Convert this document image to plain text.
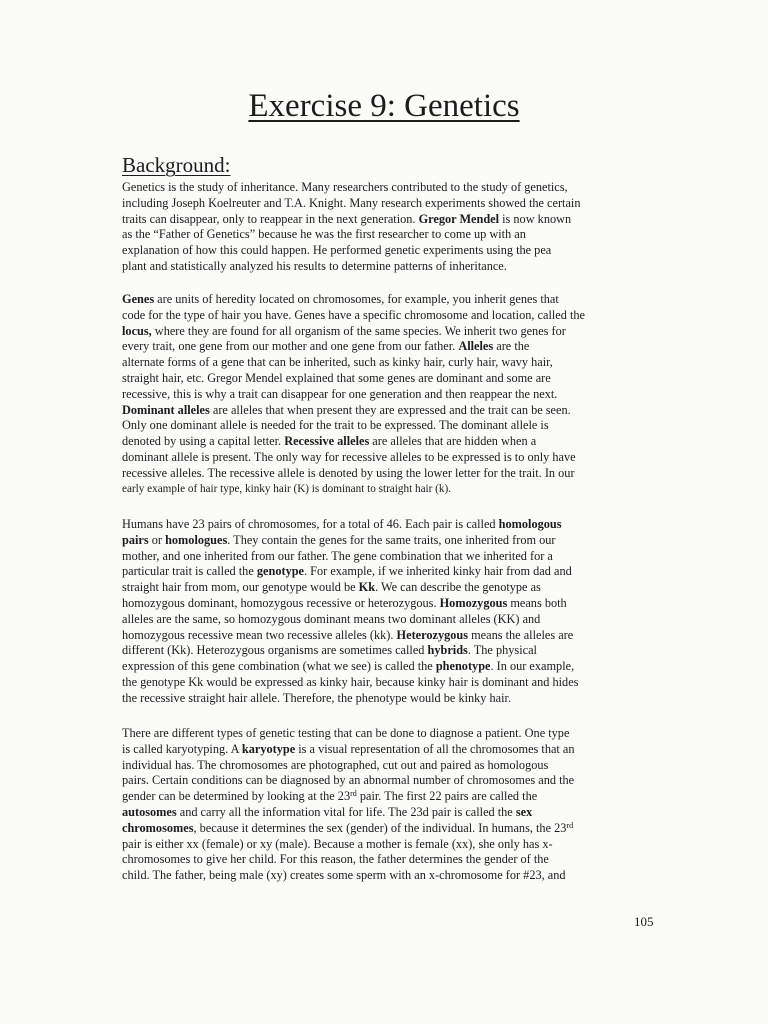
Exercise 9: Genetics
Background:
Genetics is the study of inheritance. Many researchers contributed to the study of genetics,
including Joseph Koelreuter and T.A. Knight. Many research experiments showed the certain
traits can disappear, only to reappear in the next generation. Gregor Mendel is now known
as the “Father of Genetics” because he was the first researcher to come up with an
explanation of how this could happen. He performed genetic experiments using the pea
plant and statistically analyzed his results to determine patterns of inheritance.
Genes are units of heredity located on chromosomes, for example, you inherit genes that
code for the type of hair you have. Genes have a specific chromosome and location, called the
locus, where they are found for all organism of the same species. We inherit two genes for
every trait, one gene from our mother and one gene from our father. Alleles are the
alternate forms of a gene that can be inherited, such as kinky hair, curly hair, wavy hair,
straight hair, etc. Gregor Mendel explained that some genes are dominant and some are
recessive, this is why a trait can disappear for one generation and then reappear the next.
Dominant alleles are alleles that when present they are expressed and the trait can be seen.
Only one dominant allele is needed for the trait to be expressed. The dominant allele is
denoted by using a capital letter. Recessive alleles are alleles that are hidden when a
dominant allele is present. The only way for recessive alleles to be expressed is to only have
recessive alleles. The recessive allele is denoted by using the lower letter for the trait. In our
early example of hair type, kinky hair (K) is dominant to straight hair (k).
Humans have 23 pairs of chromosomes, for a total of 46. Each pair is called homologous
pairs or homologues. They contain the genes for the same traits, one inherited from our
mother, and one inherited from our father. The gene combination that we inherited for a
particular trait is called the genotype. For example, if we inherited kinky hair from dad and
straight hair from mom, our genotype would be Kk. We can describe the genotype as
homozygous dominant, homozygous recessive or heterozygous. Homozygous means both
alleles are the same, so homozygous dominant means two dominant alleles (KK) and
homozygous recessive mean two recessive alleles (kk). Heterozygous means the alleles are
different (Kk). Heterozygous organisms are sometimes called hybrids. The physical
expression of this gene combination (what we see) is called the phenotype. In our example,
the genotype Kk would be expressed as kinky hair, because kinky hair is dominant and hides
the recessive straight hair allele. Therefore, the phenotype would be kinky hair.
There are different types of genetic testing that can be done to diagnose a patient. One type
is called karyotyping. A karyotype is a visual representation of all the chromosomes that an
individual has. The chromosomes are photographed, cut out and paired as homologous
pairs. Certain conditions can be diagnosed by an abnormal number of chromosomes and the
gender can be determined by looking at the 23rd pair. The first 22 pairs are called the
autosomes and carry all the information vital for life. The 23d pair is called the sex
chromosomes, because it determines the sex (gender) of the individual. In humans, the 23rd
pair is either xx (female) or xy (male). Because a mother is female (xx), she only has x-
chromosomes to give her child. For this reason, the father determines the gender of the
child. The father, being male (xy) creates some sperm with an x-chromosome for #23, and
105
